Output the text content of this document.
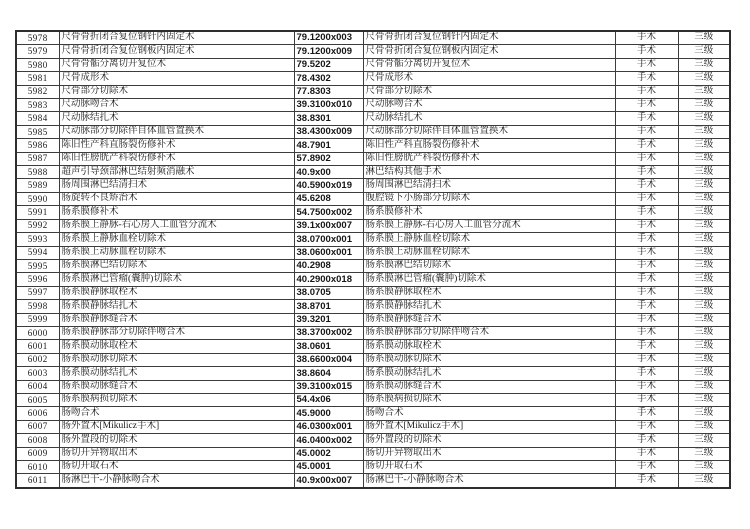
5978	尺骨骨折闭合复位钢针内固定术	79.1200x003	尺骨骨折闭合复位钢针内固定术	手术	三级
5979	尺骨骨折闭合复位钢板内固定术	79.1200x009	尺骨骨折闭合复位钢板内固定术	手术	三级
5980	尺骨骨骺分离切开复位术	79.5202	尺骨骨骺分离切开复位术	手术	三级
5981	尺骨成形术	78.4302	尺骨成形术	手术	三级
5982	尺骨部分切除术	77.8303	尺骨部分切除术	手术	三级
5983	尺动脉吻合术	39.3100x010	尺动脉吻合术	手术	三级
5984	尺动脉结扎术	38.8301	尺动脉结扎术	手术	三级
5985	尺动脉部分切除伴自体血管置换术	38.4300x009	尺动脉部分切除伴自体血管置换术	手术	三级
5986	陈旧性产科直肠裂伤修补术	48.7901	陈旧性产科直肠裂伤修补术	手术	三级
5987	陈旧性膀胱产科裂伤修补术	57.8902	陈旧性膀胱产科裂伤修补术	手术	三级
5988	超声引导颈部淋巴结射频消融术	40.9x00	淋巴结构其他手术	手术	三级
5989	肠周围淋巴结清扫术	40.5900x019	肠周围淋巴结清扫术	手术	三级
5990	肠旋转不良矫治术	45.6208	腹腔镜下小肠部分切除术	手术	三级
5991	肠系膜修补术	54.7500x002	肠系膜修补术	手术	三级
5992	肠系膜上静脉-右心房人工血管分流术	39.1x00x007	肠系膜上静脉-右心房人工血管分流术	手术	三级
5993	肠系膜上静脉血栓切除术	38.0700x001	肠系膜上静脉血栓切除术	手术	三级
5994	肠系膜上动脉血栓切除术	38.0600x001	肠系膜上动脉血栓切除术	手术	三级
5995	肠系膜淋巴结切除术	40.2908	肠系膜淋巴结切除术	手术	三级
5996	肠系膜淋巴管瘤(囊肿)切除术	40.2900x018	肠系膜淋巴管瘤(囊肿)切除术	手术	三级
5997	肠系膜静脉取栓术	38.0705	肠系膜静脉取栓术	手术	三级
5998	肠系膜静脉结扎术	38.8701	肠系膜静脉结扎术	手术	三级
5999	肠系膜静脉缝合术	39.3201	肠系膜静脉缝合术	手术	三级
6000	肠系膜静脉部分切除伴吻合术	38.3700x002	肠系膜静脉部分切除伴吻合术	手术	三级
6001	肠系膜动脉取栓术	38.0601	肠系膜动脉取栓术	手术	三级
6002	肠系膜动脉切除术	38.6600x004	肠系膜动脉切除术	手术	三级
6003	肠系膜动脉结扎术	38.8604	肠系膜动脉结扎术	手术	三级
6004	肠系膜动脉缝合术	39.3100x015	肠系膜动脉缝合术	手术	三级
6005	肠系膜病损切除术	54.4x06	肠系膜病损切除术	手术	三级
6006	肠吻合术	45.9000	肠吻合术	手术	三级
6007	肠外置术[Mikulicz手术]	46.0300x001	肠外置术[Mikulicz手术]	手术	三级
6008	肠外置段的切除术	46.0400x002	肠外置段的切除术	手术	三级
6009	肠切开异物取出术	45.0002	肠切开异物取出术	手术	三级
6010	肠切开取石术	45.0001	肠切开取石术	手术	三级
6011	肠淋巴干-小静脉吻合术	40.9x00x007	肠淋巴干-小静脉吻合术	手术	三级
